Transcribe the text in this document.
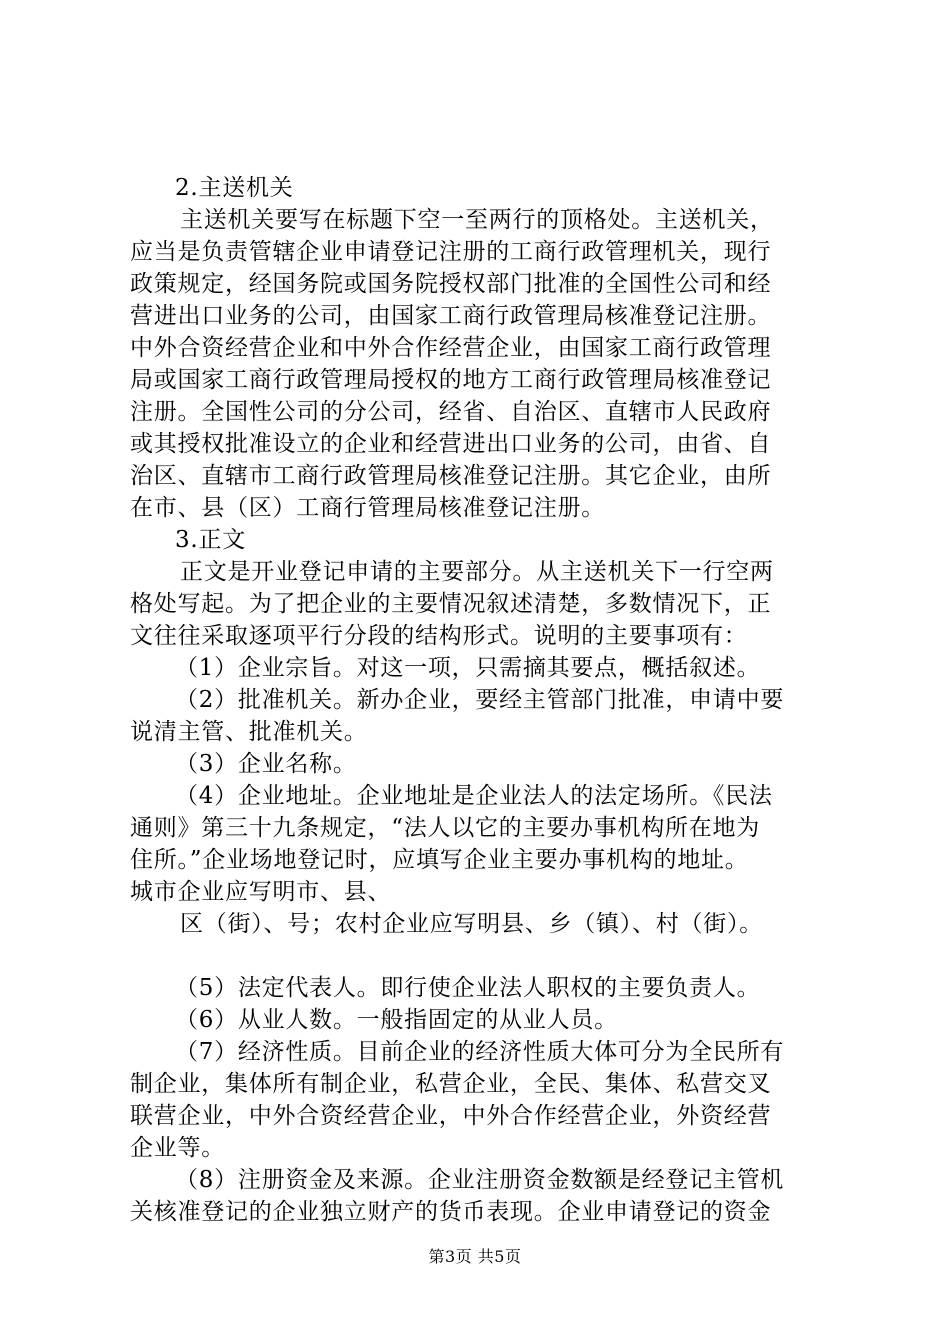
2.主送机关
主送机关要写在标题下空一至两行的顶格处。主送机关，
应当是负责管辖企业申请登记注册的工商行政管理机关，现行
政策规定，经国务院或国务院授权部门批准的全国性公司和经
营进出口业务的公司，由国家工商行政管理局核准登记注册。
中外合资经营企业和中外合作经营企业，由国家工商行政管理
局或国家工商行政管理局授权的地方工商行政管理局核准登记
注册。全国性公司的分公司，经省、自治区、直辖市人民政府
或其授权批准设立的企业和经营进出口业务的公司，由省、自
治区、直辖市工商行政管理局核准登记注册。其它企业，由所
在市、县（区）工商行管理局核准登记注册。
3.正文
正文是开业登记申请的主要部分。从主送机关下一行空两
格处写起。为了把企业的主要情况叙述清楚，多数情况下，正
文往往采取逐项平行分段的结构形式。说明的主要事项有：
（1）企业宗旨。对这一项，只需摘其要点，概括叙述。
（2）批准机关。新办企业，要经主管部门批准，申请中要
说清主管、批准机关。
（3）企业名称。
（4）企业地址。企业地址是企业法人的法定场所。《民法
通则》第三十九条规定，“法人以它的主要办事机构所在地为
住所。”企业场地登记时，应填写企业主要办事机构的地址。
城市企业应写明市、县、
区（街）、号；农村企业应写明县、乡（镇）、村（街）。
（5）法定代表人。即行使企业法人职权的主要负责人。
（6）从业人数。一般指固定的从业人员。
（7）经济性质。目前企业的经济性质大体可分为全民所有
制企业，集体所有制企业，私营企业，全民、集体、私营交叉
联营企业，中外合资经营企业，中外合作经营企业，外资经营
企业等。
（8）注册资金及来源。企业注册资金数额是经登记主管机
关核准登记的企业独立财产的货币表现。企业申请登记的资金
第3页 共5页
